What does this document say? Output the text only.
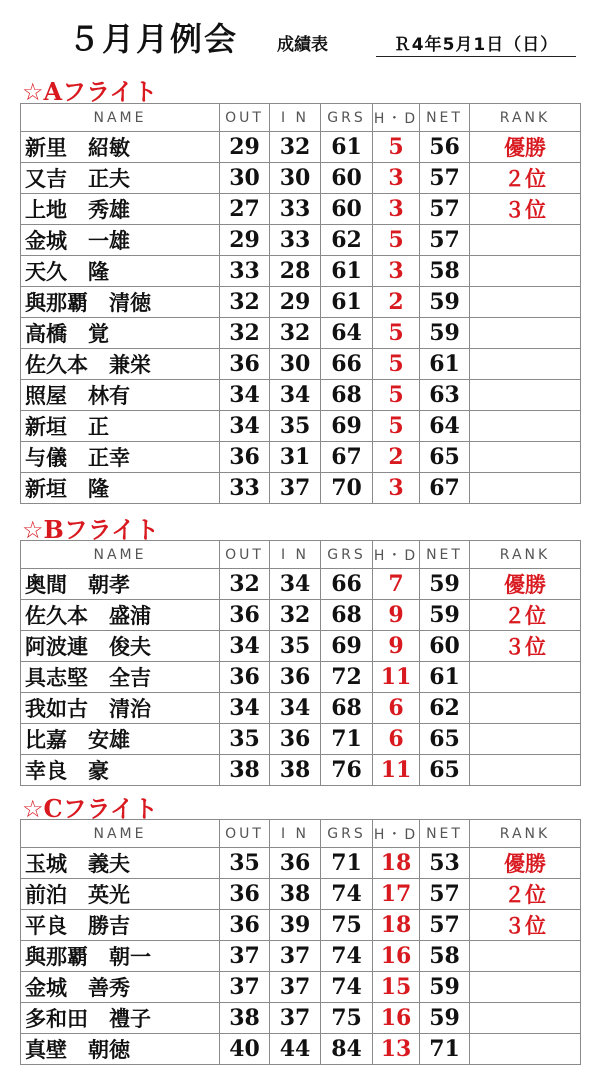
５月月例会 成績表	Ｒ4年5月1日（日）
☆Aフライト
NAME	OUT	I N	GRS	H・D	NET	RANK
新里　紹敏	29	32	61	5	56	優勝
又吉　正夫	30	30	60	3	57	２位
上地　秀雄	27	33	60	3	57	３位
金城　一雄	29	33	62	5	57	
天久　隆	33	28	61	3	58	
與那覇　清徳	32	29	61	2	59	
高橋　覚	32	32	64	5	59	
佐久本　兼栄	36	30	66	5	61	
照屋　林有	34	34	68	5	63	
新垣　正	34	35	69	5	64	
与儀　正幸	36	31	67	2	65	
新垣　隆	33	37	70	3	67	
☆Bフライト
NAME	OUT	I N	GRS	H・D	NET	RANK
奥間　朝孝	32	34	66	7	59	優勝
佐久本　盛浦	36	32	68	9	59	２位
阿波連　俊夫	34	35	69	9	60	３位
具志堅　全吉	36	36	72	11	61	
我如古　清治	34	34	68	6	62	
比嘉　安雄	35	36	71	6	65	
幸良　豪	38	38	76	11	65	
☆Cフライト
NAME	OUT	I N	GRS	H・D	NET	RANK
玉城　義夫	35	36	71	18	53	優勝
前泊　英光	36	38	74	17	57	２位
平良　勝吉	36	39	75	18	57	３位
與那覇　朝一	37	37	74	16	58	
金城　善秀	37	37	74	15	59	
多和田　禮子	38	37	75	16	59	
真壁　朝徳	40	44	84	13	71	
